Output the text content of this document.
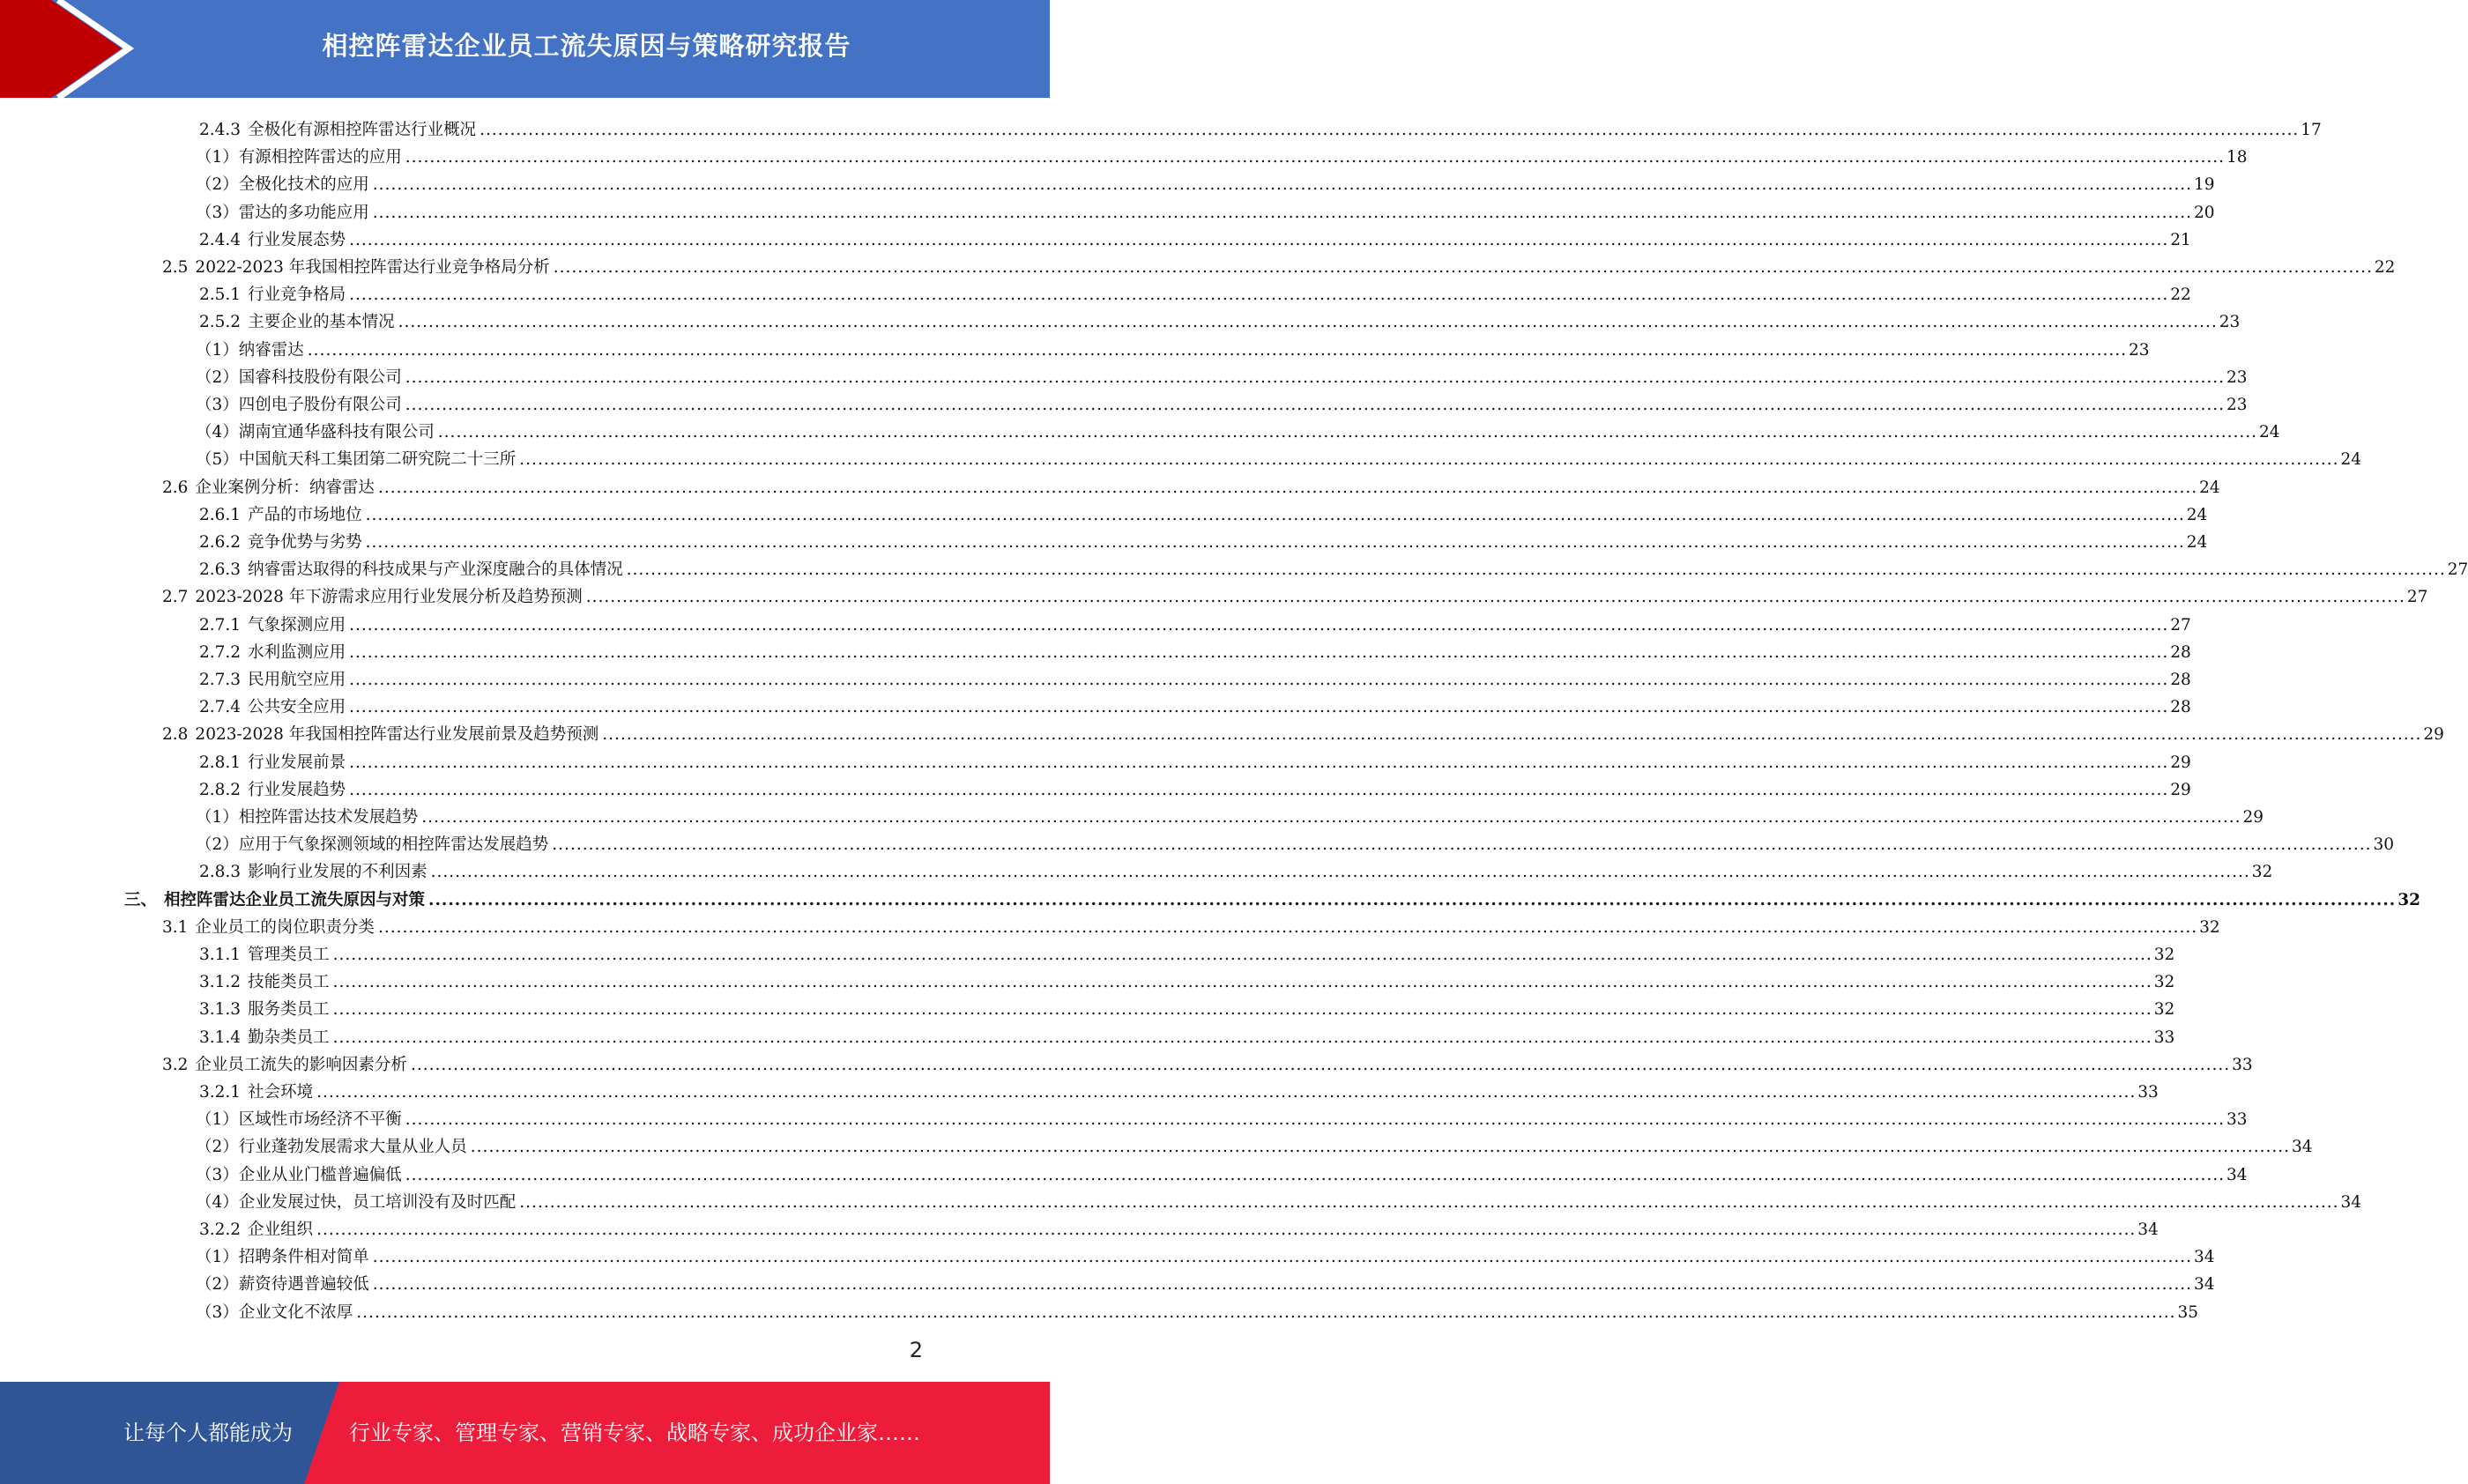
相控阵雷达企业员工流失原因与策略研究报告
2.4.3 全极化有源相控阵雷达行业概况 ............................................................................................................................................................................................................................................................................................................ 17
（1） 有源相控阵雷达的应用 ............................................................................................................................................................................................................................................................................................................ 18
（2） 全极化技术的应用 ............................................................................................................................................................................................................................................................................................................ 19
（3） 雷达的多功能应用 ............................................................................................................................................................................................................................................................................................................ 20
2.4.4 行业发展态势 ............................................................................................................................................................................................................................................................................................................ 21
2.5 2022-2023 年我国相控阵雷达行业竞争格局分析 ............................................................................................................................................................................................................................................................................................................ 22
2.5.1 行业竞争格局 ............................................................................................................................................................................................................................................................................................................ 22
2.5.2 主要企业的基本情况 ............................................................................................................................................................................................................................................................................................................ 23
（1） 纳睿雷达 ............................................................................................................................................................................................................................................................................................................ 23
（2） 国睿科技股份有限公司 ............................................................................................................................................................................................................................................................................................................ 23
（3） 四创电子股份有限公司 ............................................................................................................................................................................................................................................................................................................ 23
（4） 湖南宜通华盛科技有限公司 ............................................................................................................................................................................................................................................................................................................ 24
（5） 中国航天科工集团第二研究院二十三所 ............................................................................................................................................................................................................................................................................................................ 24
2.6 企业案例分析：纳睿雷达 ............................................................................................................................................................................................................................................................................................................ 24
2.6.1 产品的市场地位 ............................................................................................................................................................................................................................................................................................................ 24
2.6.2 竞争优势与劣势 ............................................................................................................................................................................................................................................................................................................ 24
2.6.3 纳睿雷达取得的科技成果与产业深度融合的具体情况 ............................................................................................................................................................................................................................................................................................................ 27
2.7 2023-2028 年下游需求应用行业发展分析及趋势预测 ............................................................................................................................................................................................................................................................................................................ 27
2.7.1 气象探测应用 ............................................................................................................................................................................................................................................................................................................ 27
2.7.2 水利监测应用 ............................................................................................................................................................................................................................................................................................................ 28
2.7.3 民用航空应用 ............................................................................................................................................................................................................................................................................................................ 28
2.7.4 公共安全应用 ............................................................................................................................................................................................................................................................................................................ 28
2.8 2023-2028 年我国相控阵雷达行业发展前景及趋势预测 ............................................................................................................................................................................................................................................................................................................ 29
2.8.1 行业发展前景 ............................................................................................................................................................................................................................................................................................................ 29
2.8.2 行业发展趋势 ............................................................................................................................................................................................................................................................................................................ 29
（1） 相控阵雷达技术发展趋势 ............................................................................................................................................................................................................................................................................................................ 29
（2） 应用于气象探测领域的相控阵雷达发展趋势 ............................................................................................................................................................................................................................................................................................................ 30
2.8.3 影响行业发展的不利因素 ............................................................................................................................................................................................................................................................................................................ 32
三、 相控阵雷达企业员工流失原因与对策 ............................................................................................................................................................................................................................................................................................................ 32
3.1 企业员工的岗位职责分类 ............................................................................................................................................................................................................................................................................................................ 32
3.1.1 管理类员工 ............................................................................................................................................................................................................................................................................................................ 32
3.1.2 技能类员工 ............................................................................................................................................................................................................................................................................................................ 32
3.1.3 服务类员工 ............................................................................................................................................................................................................................................................................................................ 32
3.1.4 勤杂类员工 ............................................................................................................................................................................................................................................................................................................ 33
3.2 企业员工流失的影响因素分析 ............................................................................................................................................................................................................................................................................................................ 33
3.2.1 社会环境 ............................................................................................................................................................................................................................................................................................................ 33
（1） 区域性市场经济不平衡 ............................................................................................................................................................................................................................................................................................................ 33
（2） 行业蓬勃发展需求大量从业人员 ............................................................................................................................................................................................................................................................................................................ 34
（3） 企业从业门槛普遍偏低 ............................................................................................................................................................................................................................................................................................................ 34
（4） 企业发展过快，员工培训没有及时匹配 ............................................................................................................................................................................................................................................................................................................ 34
3.2.2 企业组织 ............................................................................................................................................................................................................................................................................................................ 34
（1） 招聘条件相对简单 ............................................................................................................................................................................................................................................................................................................ 34
（2） 薪资待遇普遍较低 ............................................................................................................................................................................................................................................................................................................ 34
（3） 企业文化不浓厚 ............................................................................................................................................................................................................................................................................................................ 35
2
让每个人都能成为	行业专家、管理专家、营销专家、战略专家、成功企业家……
